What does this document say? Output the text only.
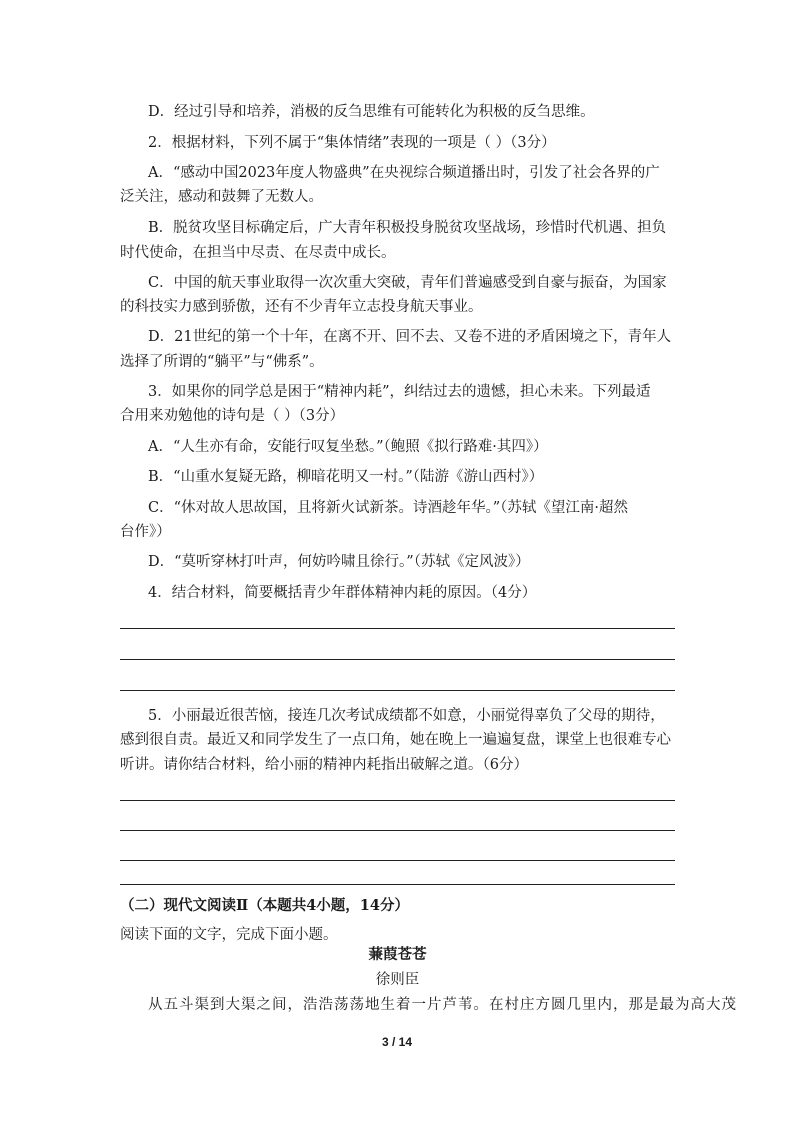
D．经过引导和培养，消极的反刍思维有可能转化为积极的反刍思维。
2．根据材料，下列不属于“集体情绪”表现的一项是（ ）（3分）
A．“感动中国2023年度人物盛典”在央视综合频道播出时，引发了社会各界的广
泛关注，感动和鼓舞了无数人。
B．脱贫攻坚目标确定后，广大青年积极投身脱贫攻坚战场，珍惜时代机遇、担负
时代使命，在担当中尽责、在尽责中成长。
C．中国的航天事业取得一次次重大突破，青年们普遍感受到自豪与振奋，为国家
的科技实力感到骄傲，还有不少青年立志投身航天事业。
D．21世纪的第一个十年，在离不开、回不去、又卷不进的矛盾困境之下，青年人
选择了所谓的“躺平”与“佛系”。
3．如果你的同学总是困于“精神内耗”，纠结过去的遗憾，担心未来。下列最适
合用来劝勉他的诗句是（ ）（3分）
A．“人生亦有命，安能行叹复坐愁。”（鲍照《拟行路难·其四》）
B．“山重水复疑无路，柳暗花明又一村。”（陆游《游山西村》）
C．“休对故人思故国，且将新火试新茶。诗酒趁年华。”（苏轼《望江南·超然
台作》）
D．“莫听穿林打叶声，何妨吟啸且徐行。”（苏轼《定风波》）
4．结合材料，简要概括青少年群体精神内耗的原因。（4分）
5．小丽最近很苦恼，接连几次考试成绩都不如意，小丽觉得辜负了父母的期待，
感到很自责。最近又和同学发生了一点口角，她在晚上一遍遍复盘，课堂上也很难专心
听讲。请你结合材料，给小丽的精神内耗指出破解之道。（6分）
（二）现代文阅读Ⅱ（本题共4小题，14分）
阅读下面的文字，完成下面小题。
蒹葭苍苍
徐则臣
从五斗渠到大渠之间，浩浩荡荡地生着一片芦苇。在村庄方圆几里内，那是最为高大茂
3 / 14
